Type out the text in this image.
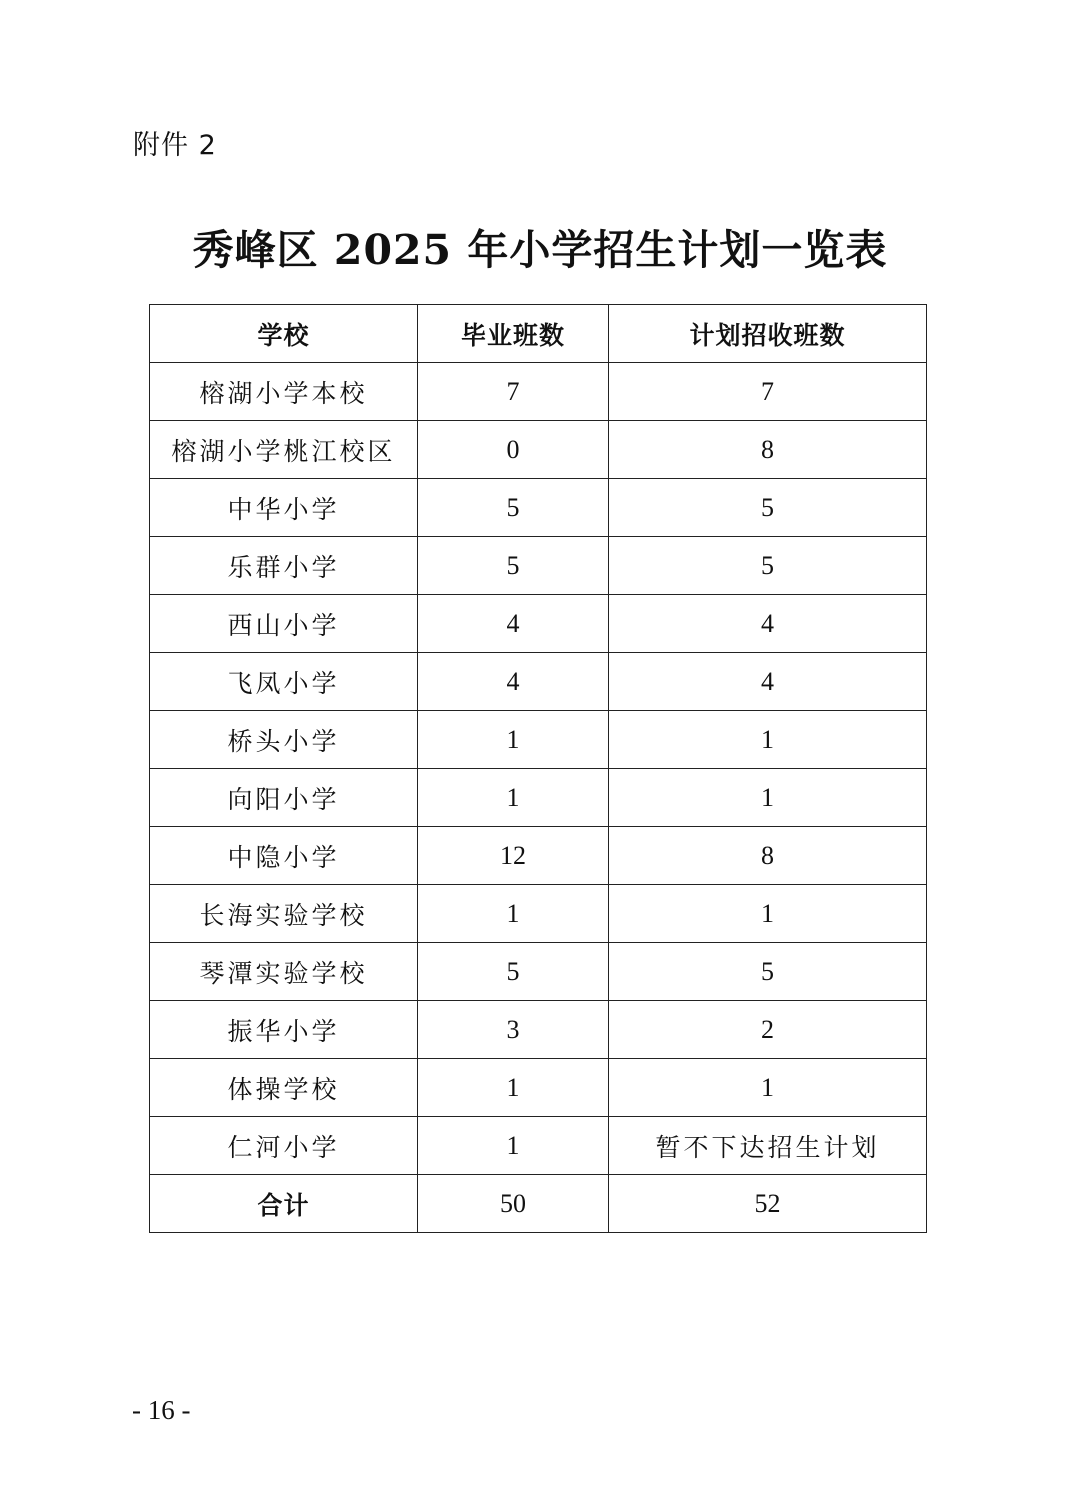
附件 2
秀峰区 2025 年小学招生计划一览表
学校	毕业班数	计划招收班数
榕湖小学本校	7	7
榕湖小学桃江校区	0	8
中华小学	5	5
乐群小学	5	5
西山小学	4	4
飞凤小学	4	4
桥头小学	1	1
向阳小学	1	1
中隐小学	12	8
长海实验学校	1	1
琴潭实验学校	5	5
振华小学	3	2
体操学校	1	1
仁河小学	1	暂不下达招生计划
合计	50	52
- 16 -
